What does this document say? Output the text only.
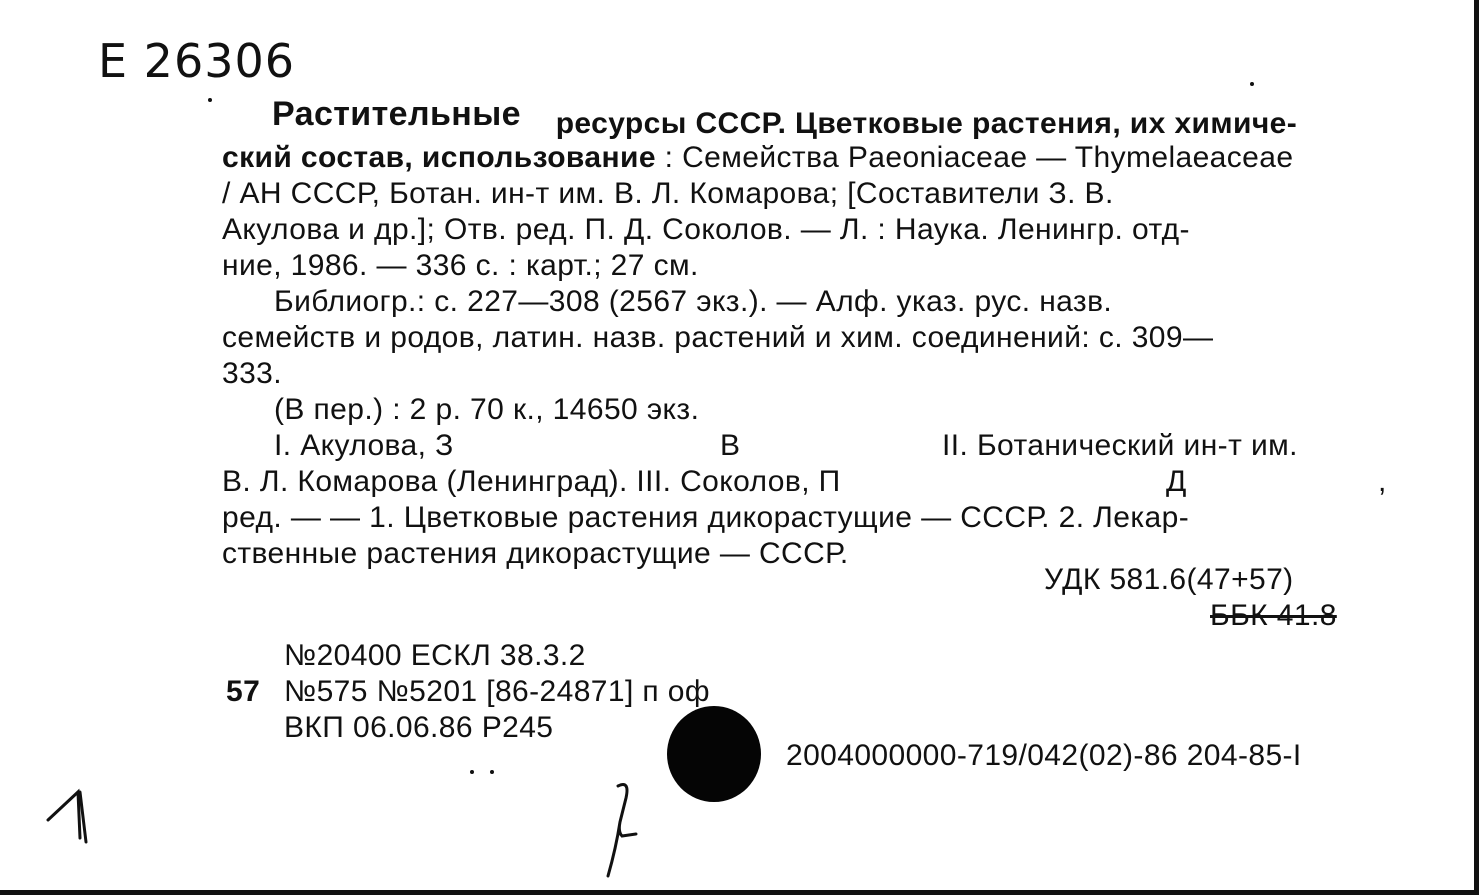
Е 26306
Растительные ресурсы СССР. Цветковые растения, их химиче-
ский состав, использование : Семейства Paeoniaceae — Thymelaeaceae
/ АН СССР, Ботан. ин-т им. В. Л. Комарова; [Составители З. В.
Акулова и др.]; Отв. ред. П. Д. Соколов. — Л. : Наука. Ленингр. отд-
ние, 1986. — 336 с. : карт.; 27 см.
Библиогр.: с. 227—308 (2567 экз.). — Алф. указ. рус. назв.
семейств и родов, латин. назв. растений и хим. соединений: с. 309—
333.
(В пер.) : 2 р. 70 к., 14650 экз.
I. Акулова, З	В	II. Ботанический ин-т им.
В. Л. Комарова (Ленинград). III. Соколов, П	Д	,
ред. — — 1. Цветковые растения дикорастущие — СССР. 2. Лекар-
ственные растения дикорастущие — СССР.
УДК 581.6(47+57)
ББК 41.8
№20400 ЕСКЛ 38.3.2
57 №575 №5201 [86-24871] п оф
ВКП 06.06.86 Р245
2004000000-719/042(02)-86 204-85-I
1
